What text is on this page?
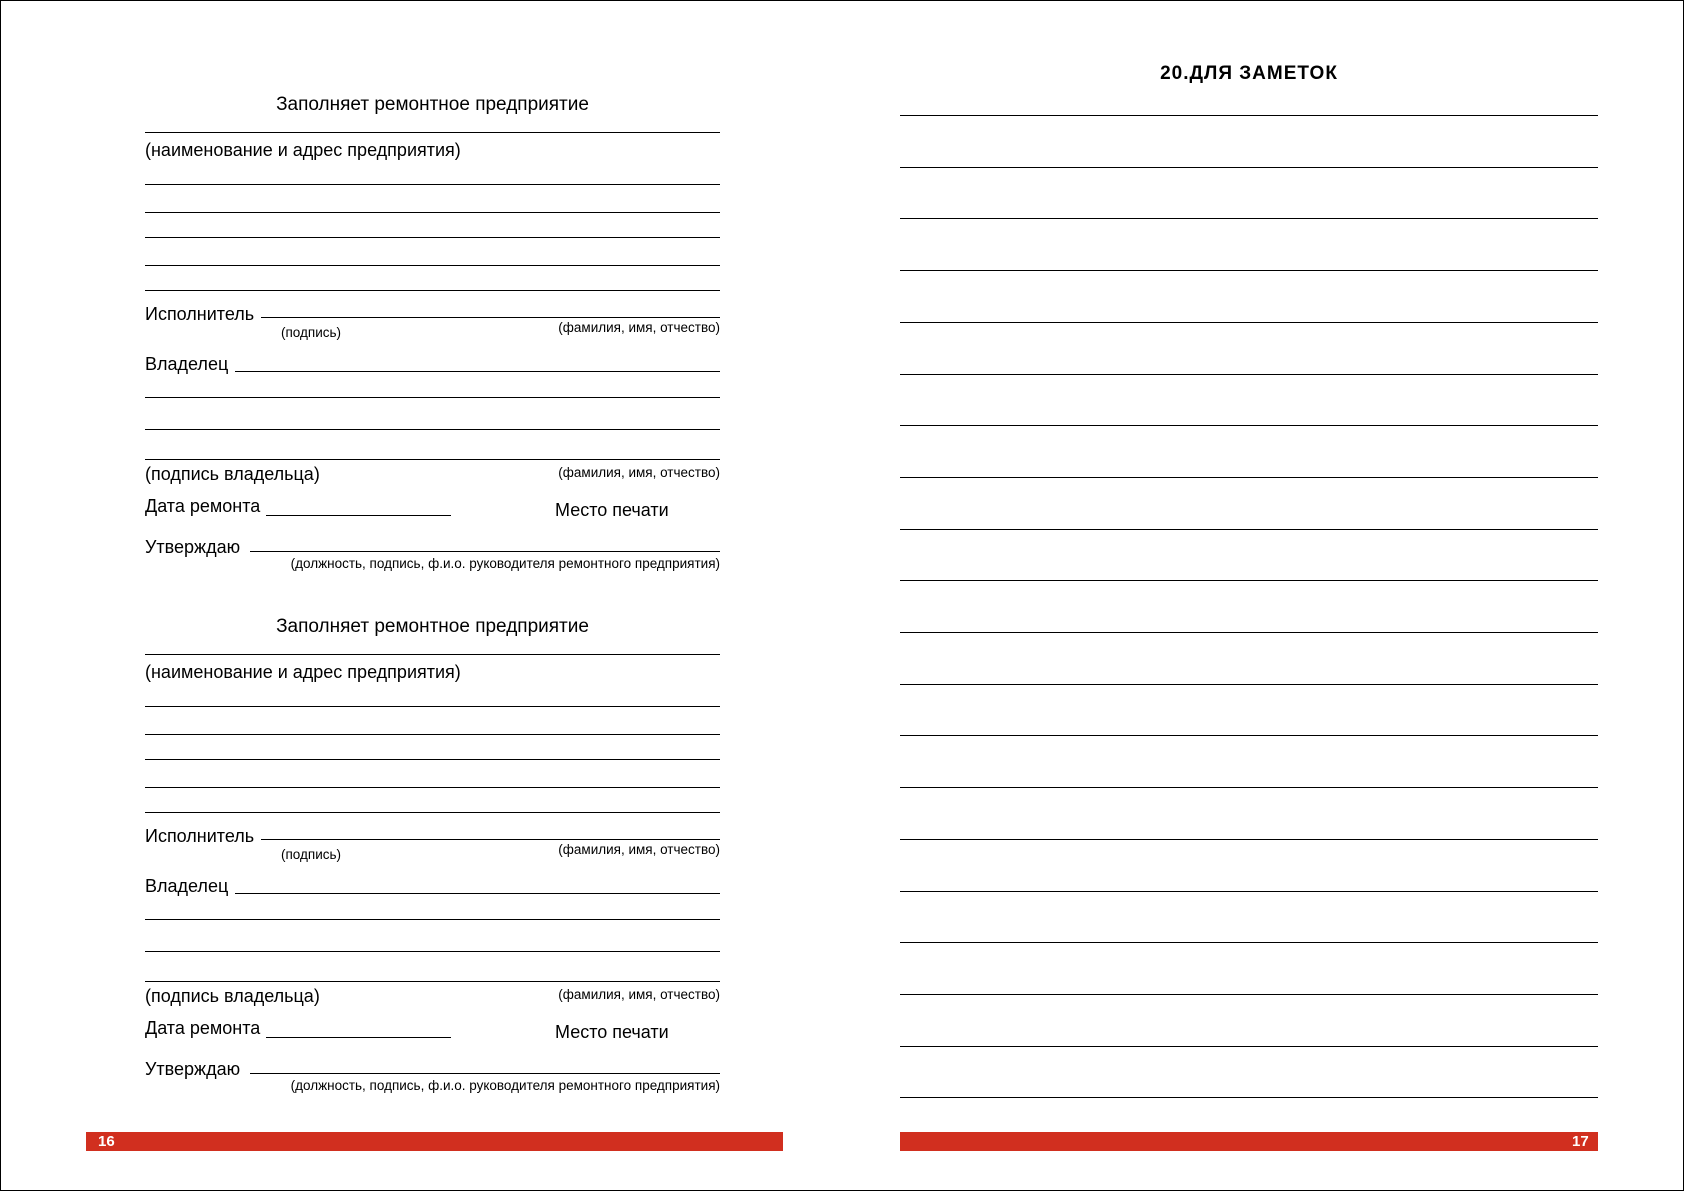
Заполняет ремонтное предприятие
(наименование и адрес предприятия)
Исполнитель
(подпись)	(фамилия, имя, отчество)
Владелец
(подпись владельца)	(фамилия, имя, отчество)
Дата ремонта	Место печати
Утверждаю
(должность, подпись, ф.и.о. руководителя ремонтного предприятия)
Заполняет ремонтное предприятие
(наименование и адрес предприятия)
Исполнитель
(подпись)	(фамилия, имя, отчество)
Владелец
(подпись владельца)	(фамилия, имя, отчество)
Дата ремонта	Место печати
Утверждаю
(должность, подпись, ф.и.о. руководителя ремонтного предприятия)
16
20.ДЛЯ ЗАМЕТОК
17
